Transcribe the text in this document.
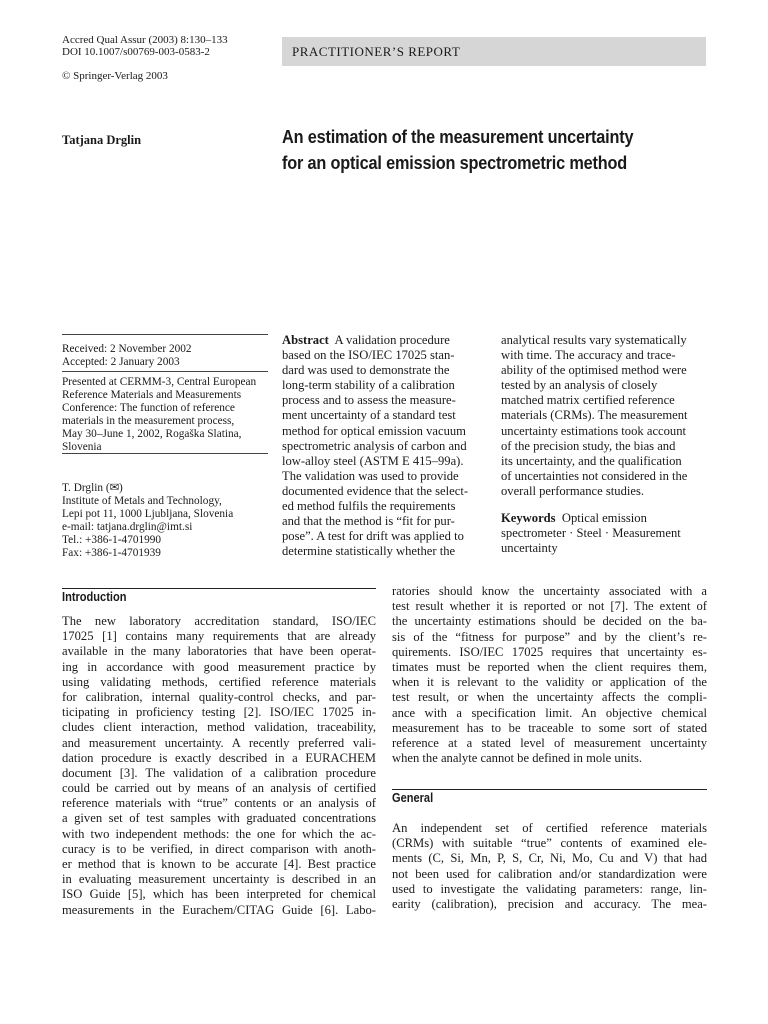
Accred Qual Assur (2003) 8:130–133
DOI 10.1007/s00769-003-0583-2
© Springer-Verlag 2003
PRACTITIONER’S REPORT
Tatjana Drglin	An estimation of the measurement uncertainty
for an optical emission spectrometric method
Received: 2 November 2002
Accepted: 2 January 2003
Presented at CERMM-3, Central European
Reference Materials and Measurements
Conference: The function of reference
materials in the measurement process,
May 30–June 1, 2002, Rogaška Slatina,
Slovenia
T. Drglin (✉)
Institute of Metals and Technology,
Lepi pot 11, 1000 Ljubljana, Slovenia
e-mail: tatjana.drglin@imt.si
Tel.: +386-1-4701990
Fax: +386-1-4701939
Abstract  A validation procedure
based on the ISO/IEC 17025 stan-
dard was used to demonstrate the
long-term stability of a calibration
process and to assess the measure-
ment uncertainty of a standard test
method for optical emission vacuum
spectrometric analysis of carbon and
low-alloy steel (ASTM E 415–99a).
The validation was used to provide
documented evidence that the select-
ed method fulfils the requirements
and that the method is “fit for pur-
pose”. A test for drift was applied to
determine statistically whether the
analytical results vary systematically
with time. The accuracy and trace-
ability of the optimised method were
tested by an analysis of closely
matched matrix certified reference
materials (CRMs). The measurement
uncertainty estimations took account
of the precision study, the bias and
its uncertainty, and the qualification
of uncertainties not considered in the
overall performance studies.
Keywords  Optical emission
spectrometer · Steel · Measurement
uncertainty
Introduction
The new laboratory accreditation standard, ISO/IEC
17025 [1] contains many requirements that are already
available in the many laboratories that have been operat-
ing in accordance with good measurement practice by
using validating methods, certified reference materials
for calibration, internal quality-control checks, and par-
ticipating in proficiency testing [2]. ISO/IEC 17025 in-
cludes client interaction, method validation, traceability,
and measurement uncertainty. A recently preferred vali-
dation procedure is exactly described in a EURACHEM
document [3]. The validation of a calibration procedure
could be carried out by means of an analysis of certified
reference materials with “true” contents or an analysis of
a given set of test samples with graduated concentrations
with two independent methods: the one for which the ac-
curacy is to be verified, in direct comparison with anoth-
er method that is known to be accurate [4]. Best practice
in evaluating measurement uncertainty is described in an
ISO Guide [5], which has been interpreted for chemical
measurements in the Eurachem/CITAG Guide [6]. Labo-
ratories should know the uncertainty associated with a
test result whether it is reported or not [7]. The extent of
the uncertainty estimations should be decided on the ba-
sis of the “fitness for purpose” and by the client’s re-
quirements. ISO/IEC 17025 requires that uncertainty es-
timates must be reported when the client requires them,
when it is relevant to the validity or application of the
test result, or when the uncertainty affects the compli-
ance with a specification limit. An objective chemical
measurement has to be traceable to some sort of stated
reference at a stated level of measurement uncertainty
when the analyte cannot be defined in mole units.
General
An independent set of certified reference materials
(CRMs) with suitable “true” contents of examined ele-
ments (C, Si, Mn, P, S, Cr, Ni, Mo, Cu and V) that had
not been used for calibration and/or standardization were
used to investigate the validating parameters: range, lin-
earity (calibration), precision and accuracy. The mea-
